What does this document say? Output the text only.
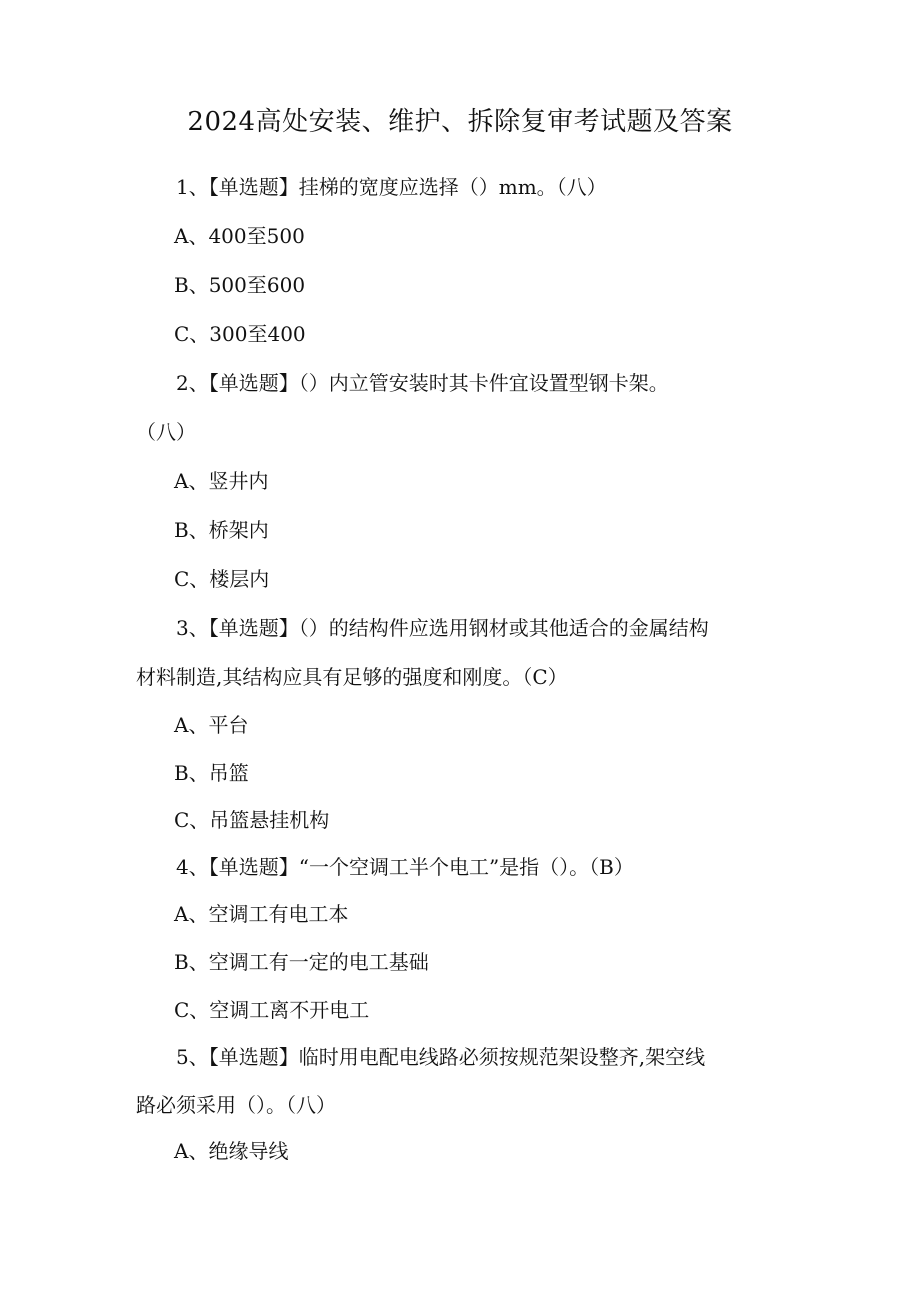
2024高处安装、维护、拆除复审考试题及答案
1、【单选题】挂梯的宽度应选择（）mm。（八）
A、400至500
B、500至600
C、300至400
2、【单选题】（）内立管安装时其卡件宜设置型钢卡架。
（八）
A、竖井内
B、桥架内
C、楼层内
3、【单选题】（）的结构件应选用钢材或其他适合的金属结构
材料制造,其结构应具有足够的强度和刚度。（C）
A、平台
B、吊篮
C、吊篮悬挂机构
4、【单选题】“一个空调工半个电工”是指（）。（B）
A、空调工有电工本
B、空调工有一定的电工基础
C、空调工离不开电工
5、【单选题】临时用电配电线路必须按规范架设整齐,架空线
路必须采用（）。（八）
A、绝缘导线
